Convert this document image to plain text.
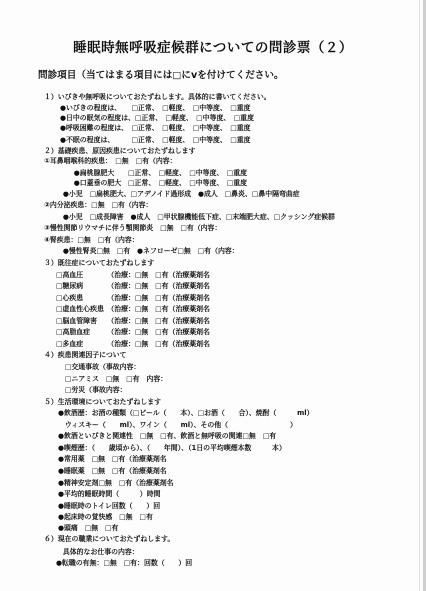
睡眠時無呼吸症候群についての問診票（２）
問診項目（当てはまる項目には□にvを付けてください。
１）いびきや無呼吸についておたずねします。具体的に書いてください。
●いびきの程度は、　　□正常、　□軽度、　□中等度、　□重度
●日中の眠気の程度は、□正常、　□軽度、　□中等度、　□重度
●呼吸困難の程度は、　□正常、　□軽度、　□中等度、　□重度
●不眠の程度は、　　　□正常、　□軽度、　□中等度、　□重度
２）基礎疾患、原因疾患についておたずねします
①耳鼻咽喉科的疾患：　□無　□有（内容：
　　●扁桃腺肥大　　□正常、　□軽度、　□中等度、　□重度
　　●口蓋垂の肥大　□正常、　□軽度、　□中等度、　□重度
　●小児　□扁桃肥大、□アデノイド過形成　●成人　□鼻炎、□鼻中隔弯曲症
②内分泌疾患：□無　□有（内容：
　●小児　□成長障害　●成人　□甲状腺機能低下症、□末端肥大症、□クッシング症候群
③慢性関節リウマチに伴う顎関節炎　□無　□有（内容：
④腎疾患：□無　□有（内容：
　●慢性腎炎□無　□有　●ネフローゼ□無　□有（内容：
３）既往症についておたずねします
□高血圧　　　　（治療：□無　□有（治療薬剤名
□糖尿病　　　　（治療：□無　□有（治療薬剤名
□心疾患　　　　（治療：□無　□有（治療薬剤名
□虚血性心疾患　（治療：□無　□有（治療薬剤名
□脳血管障害　　（治療：□無　□有（治療薬剤名
□高脂血症　　　（治療：□無　□有（治療薬剤名
□多血症　　　　（治療：□無　□有（治療薬剤名
４）疾患関連因子について
　□交通事故（事故内容：
　□ニアミス　□無　□有　内容：
　□労災（事故内容：
５）生活環境についておたずねします
●飲酒歴：お酒の種類（□ビール（　　本）、□お酒（　　合）、焼酎（　　　ml）
　ウィスキー（　　ml）、ワイン（　　ml）、その他（　　　　　　　　　）
●飲酒といびきと関連性　□無　□有、飲酒と無呼吸の関連□無　□有
●喫煙歴：（　　歳頃から）、（　　年間）、（1日の平均喫煙本数　　　本）
●常用薬　□無　□有（治療薬剤名
●睡眠薬　□無　□有（治療薬剤名
●精神安定剤□無　□有（治療薬剤名
●平均的睡眠時間（　　　）時間
●睡眠時のトイレ回数（　　）回
●起床時の覚快感　□無　□有
●頭痛　□無　□有
６）現在の職業についておたずねします。
　具体的なお仕事の内容：
●転職の有無：□無　□有：回数（　　）回
